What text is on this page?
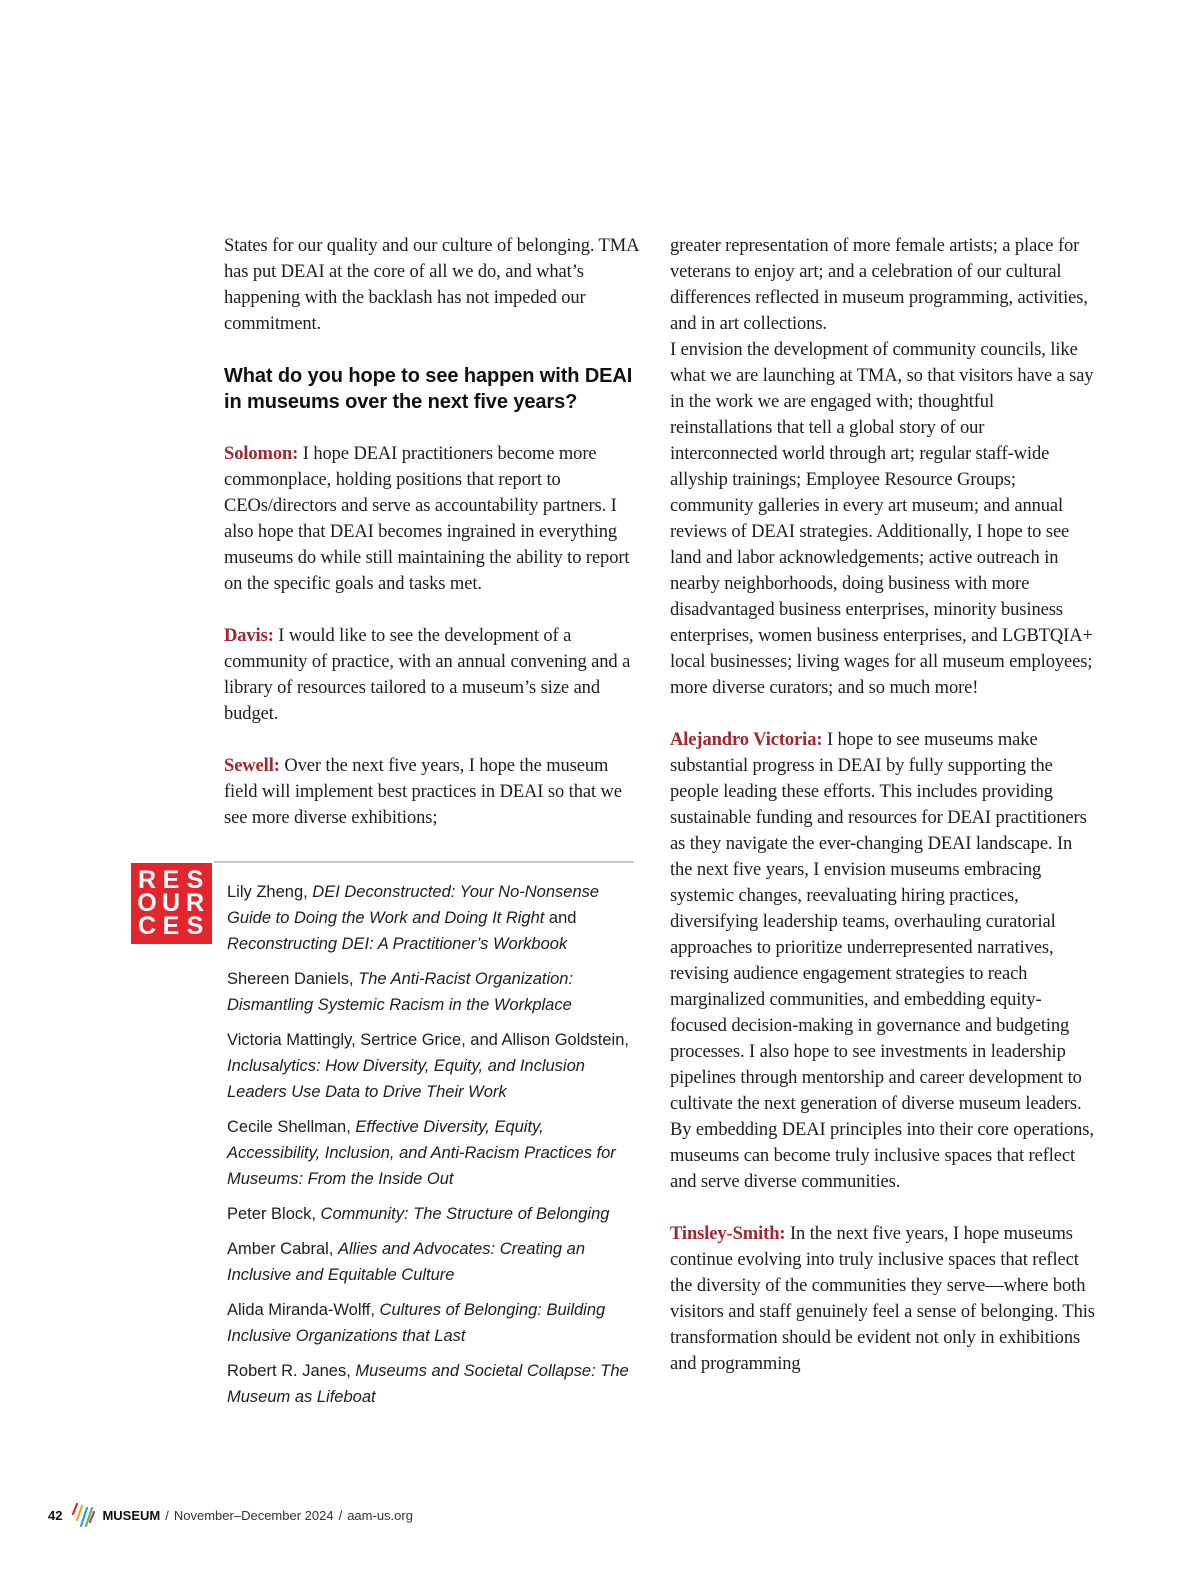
States for our quality and our culture of belonging. TMA has put DEAI at the core of all we do, and what’s happening with the backlash has not impeded our commitment.

What do you hope to see happen with DEAI in museums over the next five years?

Solomon: I hope DEAI practitioners become more commonplace, holding positions that report to CEOs/directors and serve as accountability partners. I also hope that DEAI becomes ingrained in everything museums do while still maintaining the ability to report on the specific goals and tasks met.

Davis: I would like to see the development of a community of practice, with an annual convening and a library of resources tailored to a museum’s size and budget.

Sewell: Over the next five years, I hope the museum field will implement best practices in DEAI so that we see more diverse exhibitions;

R E S
O U R
C E S
Lily Zheng, DEI Deconstructed: Your No-Nonsense Guide to Doing the Work and Doing It Right and Reconstructing DEI: A Practitioner’s Workbook
Shereen Daniels, The Anti-Racist Organization: Dismantling Systemic Racism in the Workplace
Victoria Mattingly, Sertrice Grice, and Allison Goldstein, Inclusalytics: How Diversity, Equity, and Inclusion Leaders Use Data to Drive Their Work
Cecile Shellman, Effective Diversity, Equity, Accessibility, Inclusion, and Anti-Racism Practices for Museums: From the Inside Out
Peter Block, Community: The Structure of Belonging
Amber Cabral, Allies and Advocates: Creating an Inclusive and Equitable Culture
Alida Miranda-Wolff, Cultures of Belonging: Building Inclusive Organizations that Last
Robert R. Janes, Museums and Societal Collapse: The Museum as Lifeboat

greater representation of more female artists; a place for veterans to enjoy art; and a celebration of our cultural differences reflected in museum programming, activities, and in art collections.

I envision the development of community councils, like what we are launching at TMA, so that visitors have a say in the work we are engaged with; thoughtful reinstallations that tell a global story of our interconnected world through art; regular staff-wide allyship trainings; Employee Resource Groups; community galleries in every art museum; and annual reviews of DEAI strategies. Additionally, I hope to see land and labor acknowledgements; active outreach in nearby neighborhoods, doing business with more disadvantaged business enterprises, minority business enterprises, women business enterprises, and LGBTQIA+ local businesses; living wages for all museum employees; more diverse curators; and so much more!

Alejandro Victoria: I hope to see museums make substantial progress in DEAI by fully supporting the people leading these efforts. This includes providing sustainable funding and resources for DEAI practitioners as they navigate the ever-changing DEAI landscape. In the next five years, I envision museums embracing systemic changes, reevaluating hiring practices, diversifying leadership teams, overhauling curatorial approaches to prioritize underrepresented narratives, revising audience engagement strategies to reach marginalized communities, and embedding equity-focused decision-making in governance and budgeting processes. I also hope to see investments in leadership pipelines through mentorship and career development to cultivate the next generation of diverse museum leaders. By embedding DEAI principles into their core operations, museums can become truly inclusive spaces that reflect and serve diverse communities.

Tinsley-Smith: In the next five years, I hope museums continue evolving into truly inclusive spaces that reflect the diversity of the communities they serve—where both visitors and staff genuinely feel a sense of belonging. This transformation should be evident not only in exhibitions and programming

42	MUSEUM / November–December 2024 / aam-us.org
